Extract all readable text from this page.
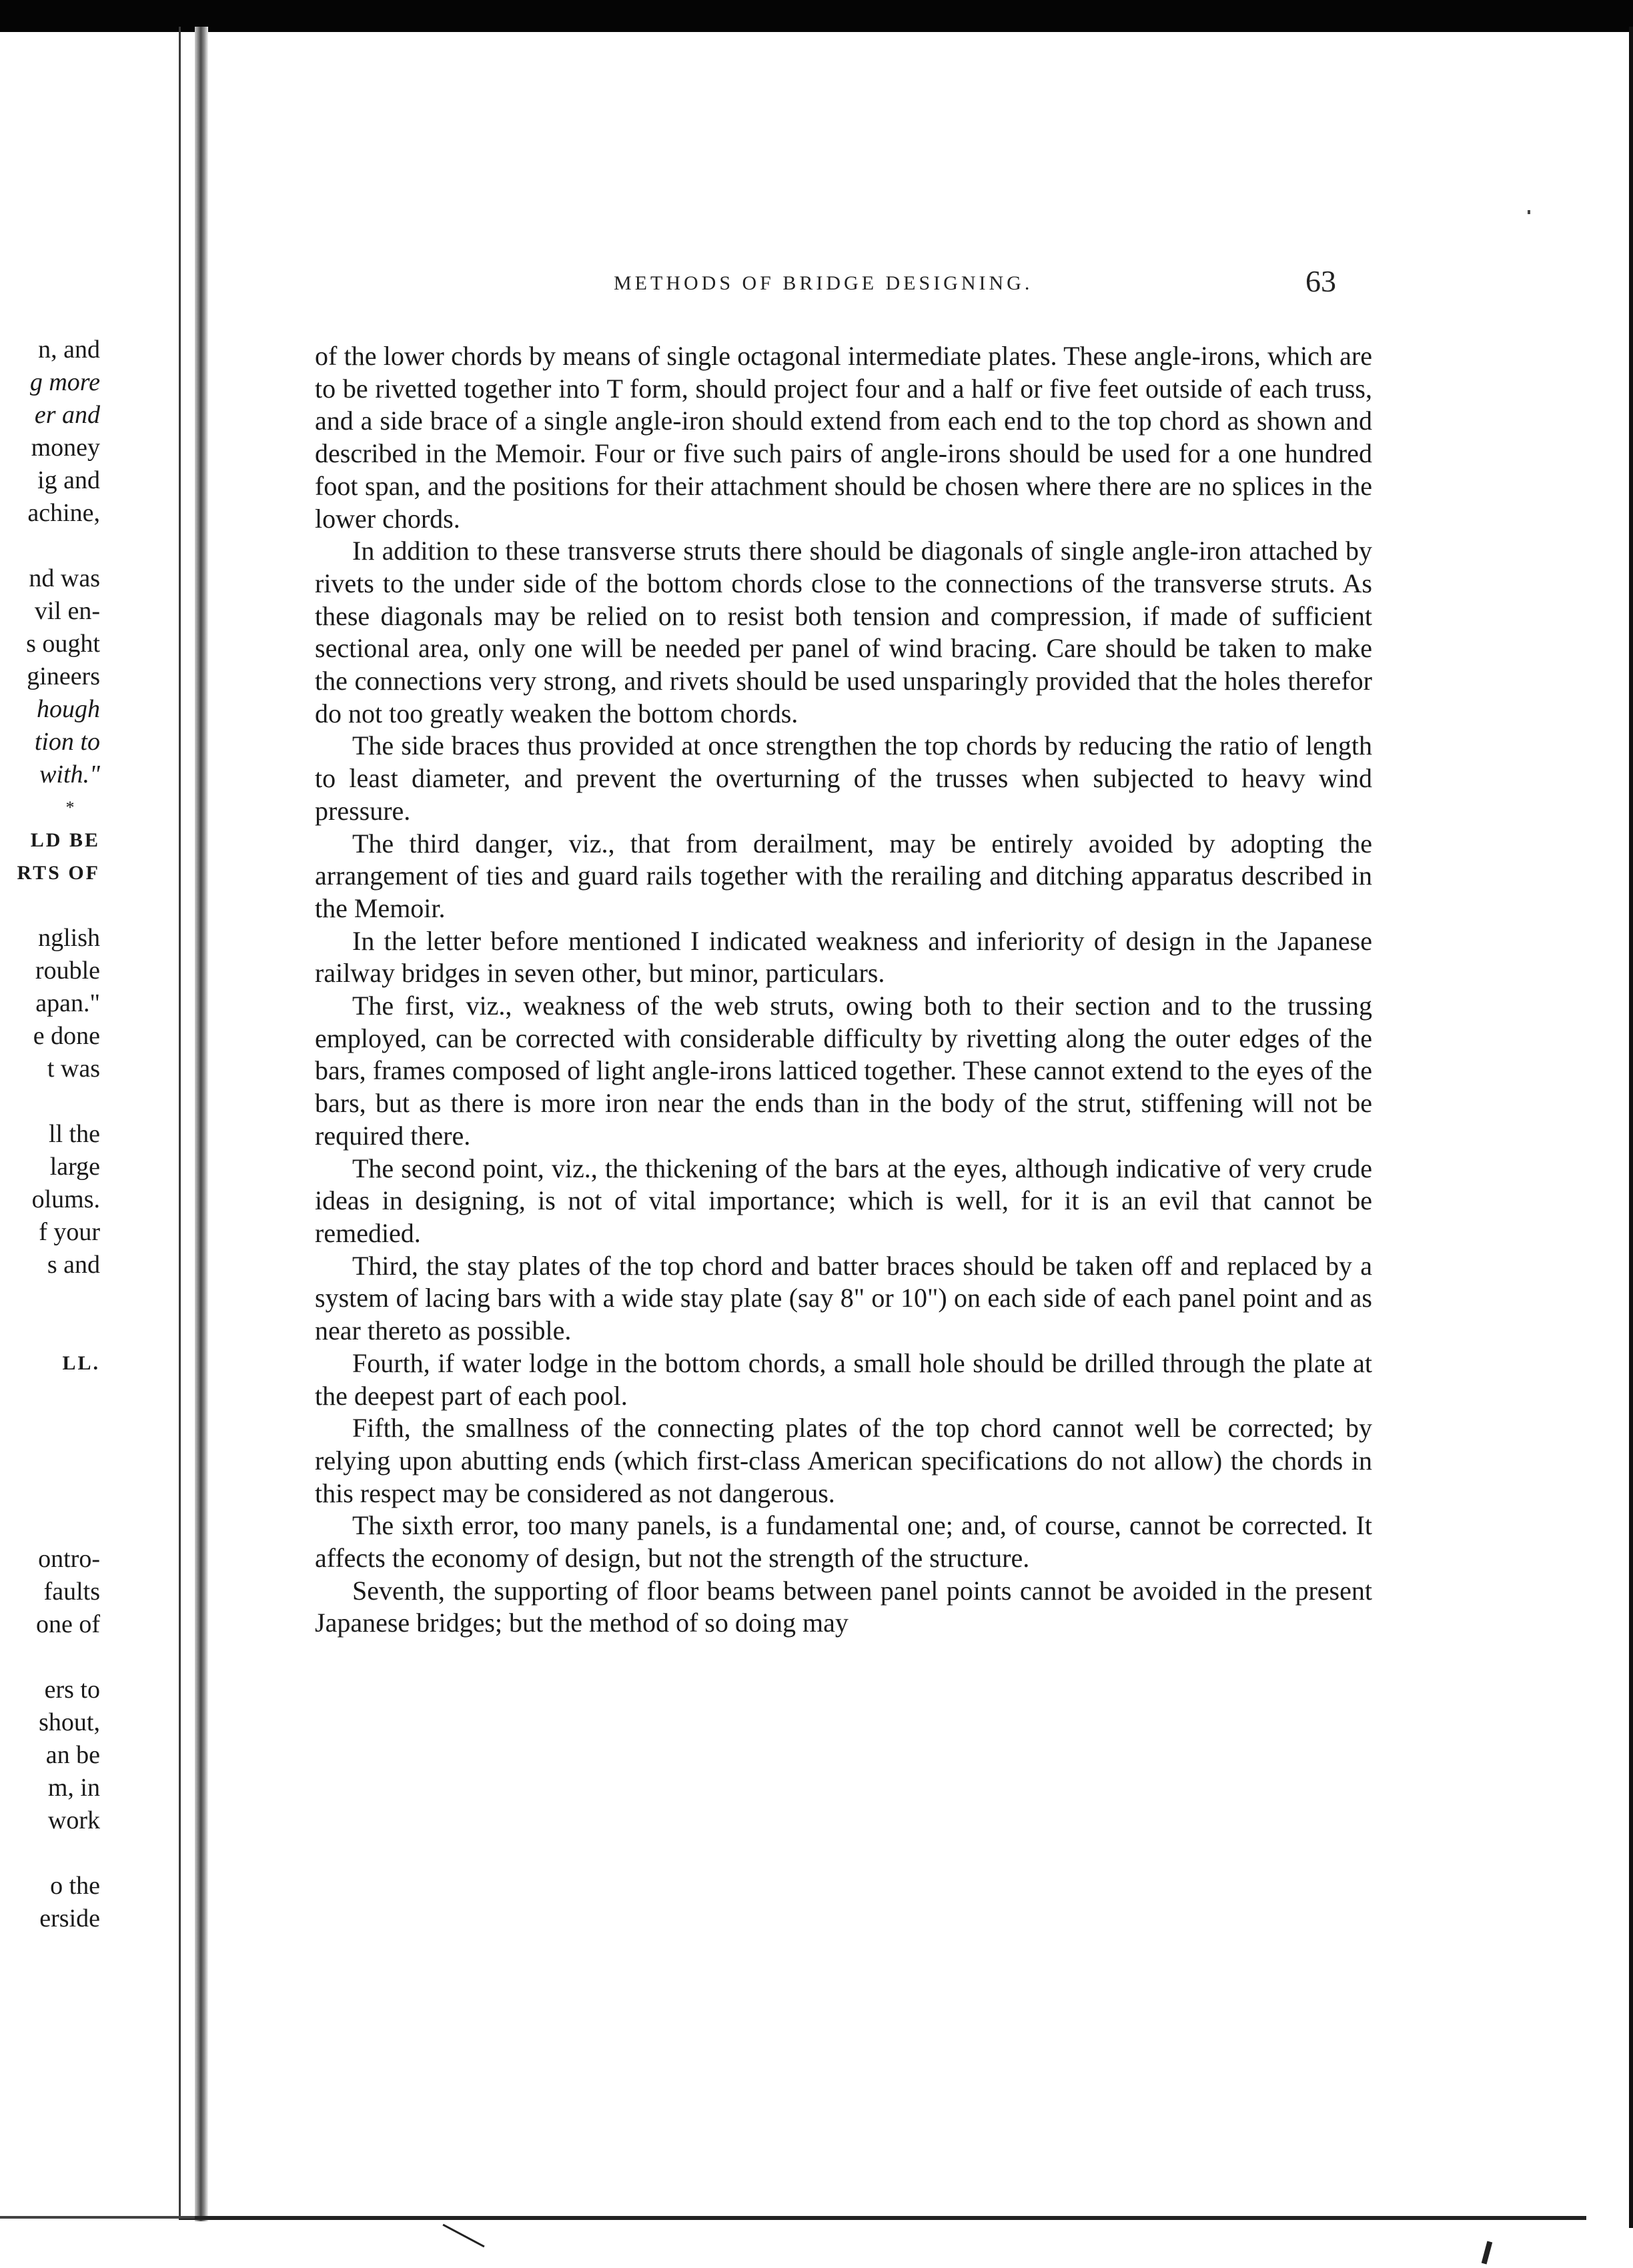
n, and
g more
er and
money
ig and
achine,
nd was
vil en-
s ought
gineers
hough
tion to
with."
*
LD BE
RTS OF
nglish
rouble
apan."
e done
t was
ll the
large
olums.
f your
s and
LL.
ontro-
faults
one of
ers to
shout,
an be
m, in
work
o the
erside
METHODS OF BRIDGE DESIGNING.	63

of the lower chords by means of single octagonal intermediate plates. These angle-irons, which are to be rivetted together into T form, should project four and a half or five feet outside of each truss, and a side brace of a single angle-iron should extend from each end to the top chord as shown and described in the Memoir. Four or five such pairs of angle-irons should be used for a one hundred foot span, and the positions for their attachment should be chosen where there are no splices in the lower chords.

In addition to these transverse struts there should be diagonals of single angle-iron attached by rivets to the under side of the bottom chords close to the connections of the transverse struts. As these diagonals may be relied on to resist both tension and compression, if made of sufficient sectional area, only one will be needed per panel of wind bracing. Care should be taken to make the connections very strong, and rivets should be used unsparingly provided that the holes therefor do not too greatly weaken the bottom chords.

The side braces thus provided at once strengthen the top chords by reducing the ratio of length to least diameter, and prevent the overturning of the trusses when subjected to heavy wind pressure.

The third danger, viz., that from derailment, may be entirely avoided by adopting the arrangement of ties and guard rails together with the rerailing and ditching apparatus described in the Memoir.

In the letter before mentioned I indicated weakness and inferiority of design in the Japanese railway bridges in seven other, but minor, particulars.

The first, viz., weakness of the web struts, owing both to their section and to the trussing employed, can be corrected with considerable difficulty by rivetting along the outer edges of the bars, frames composed of light angle-irons latticed together. These cannot extend to the eyes of the bars, but as there is more iron near the ends than in the body of the strut, stiffening will not be required there.

The second point, viz., the thickening of the bars at the eyes, although indicative of very crude ideas in designing, is not of vital importance; which is well, for it is an evil that cannot be remedied.

Third, the stay plates of the top chord and batter braces should be taken off and replaced by a system of lacing bars with a wide stay plate (say 8" or 10") on each side of each panel point and as near thereto as possible.

Fourth, if water lodge in the bottom chords, a small hole should be drilled through the plate at the deepest part of each pool.

Fifth, the smallness of the connecting plates of the top chord cannot well be corrected; by relying upon abutting ends (which first-class American specifications do not allow) the chords in this respect may be considered as not dangerous.

The sixth error, too many panels, is a fundamental one; and, of course, cannot be corrected. It affects the economy of design, but not the strength of the structure.

Seventh, the supporting of floor beams between panel points cannot be avoided in the present Japanese bridges; but the method of so doing may
